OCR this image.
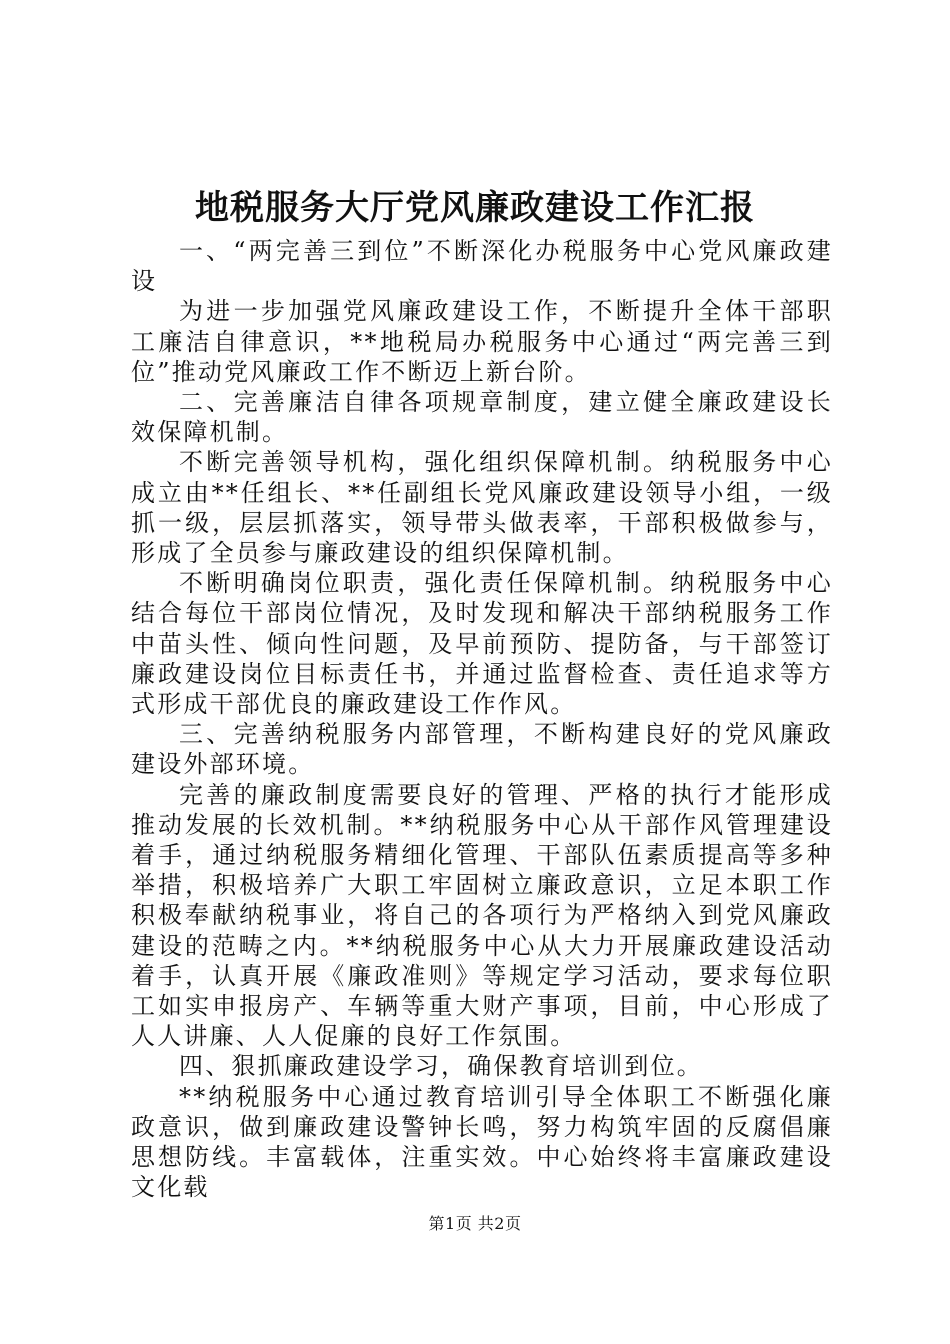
地税服务大厅党风廉政建设工作汇报

一、“两完善三到位”不断深化办税服务中心党风廉政建设

为进一步加强党风廉政建设工作，不断提升全体干部职工廉洁自律意识，**地税局办税服务中心通过“两完善三到位”推动党风廉政工作不断迈上新台阶。

二、完善廉洁自律各项规章制度，建立健全廉政建设长效保障机制。

不断完善领导机构，强化组织保障机制。纳税服务中心成立由**任组长、**任副组长党风廉政建设领导小组，一级抓一级，层层抓落实，领导带头做表率，干部积极做参与，形成了全员参与廉政建设的组织保障机制。

不断明确岗位职责，强化责任保障机制。纳税服务中心结合每位干部岗位情况，及时发现和解决干部纳税服务工作中苗头性、倾向性问题，及早前预防、提防备，与干部签订廉政建设岗位目标责任书，并通过监督检查、责任追求等方式形成干部优良的廉政建设工作作风。

三、完善纳税服务内部管理，不断构建良好的党风廉政建设外部环境。

完善的廉政制度需要良好的管理、严格的执行才能形成推动发展的长效机制。**纳税服务中心从干部作风管理建设着手，通过纳税服务精细化管理、干部队伍素质提高等多种举措，积极培养广大职工牢固树立廉政意识，立足本职工作积极奉献纳税事业，将自己的各项行为严格纳入到党风廉政建设的范畴之内。**纳税服务中心从大力开展廉政建设活动着手，认真开展《廉政准则》等规定学习活动，要求每位职工如实申报房产、车辆等重大财产事项，目前，中心形成了人人讲廉、人人促廉的良好工作氛围。

四、狠抓廉政建设学习，确保教育培训到位。

**纳税服务中心通过教育培训引导全体职工不断强化廉政意识，做到廉政建设警钟长鸣，努力构筑牢固的反腐倡廉思想防线。丰富载体，注重实效。中心始终将丰富廉政建设文化载

第1页 共2页
